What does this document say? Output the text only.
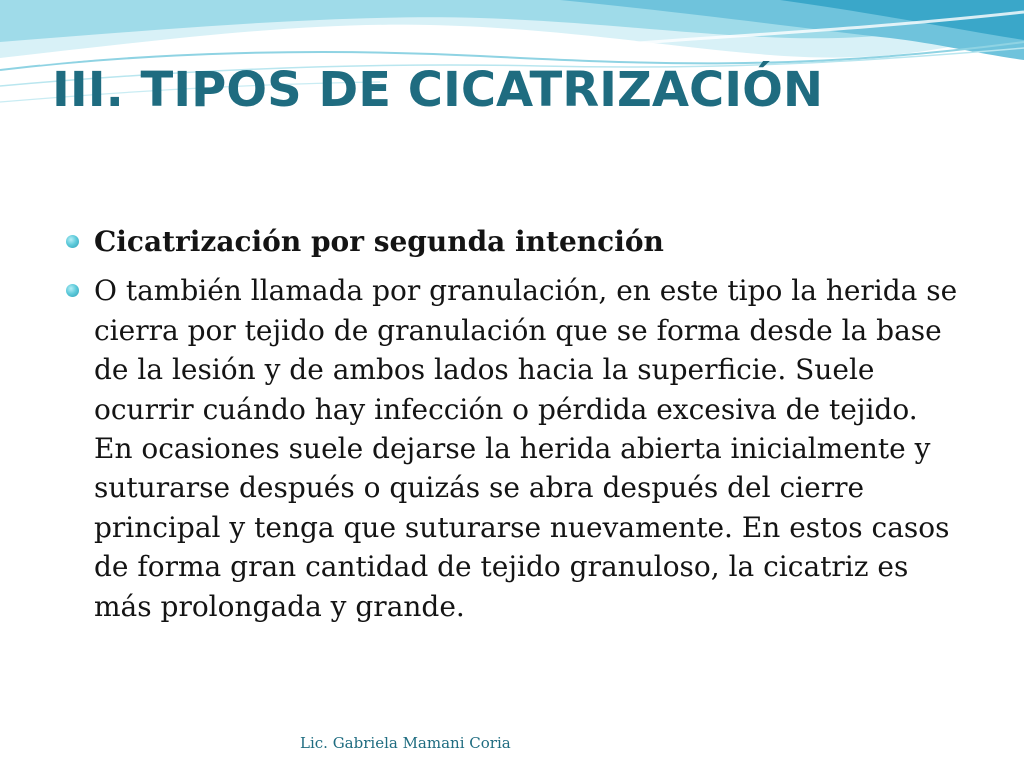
III. TIPOS DE CICATRIZACIÓN
Cicatrización por segunda intención
O también llamada por granulación, en este tipo la herida se cierra por tejido de granulación que se forma desde la base de la lesión y de ambos lados hacia la superficie. Suele ocurrir cuándo hay infección o pérdida excesiva de tejido. En ocasiones suele dejarse la herida abierta inicialmente y suturarse después o quizás se abra después del cierre principal y tenga que suturarse nuevamente. En estos casos de forma gran cantidad de tejido granuloso, la cicatriz es más prolongada y grande.
Lic. Gabriela Mamani Coria
